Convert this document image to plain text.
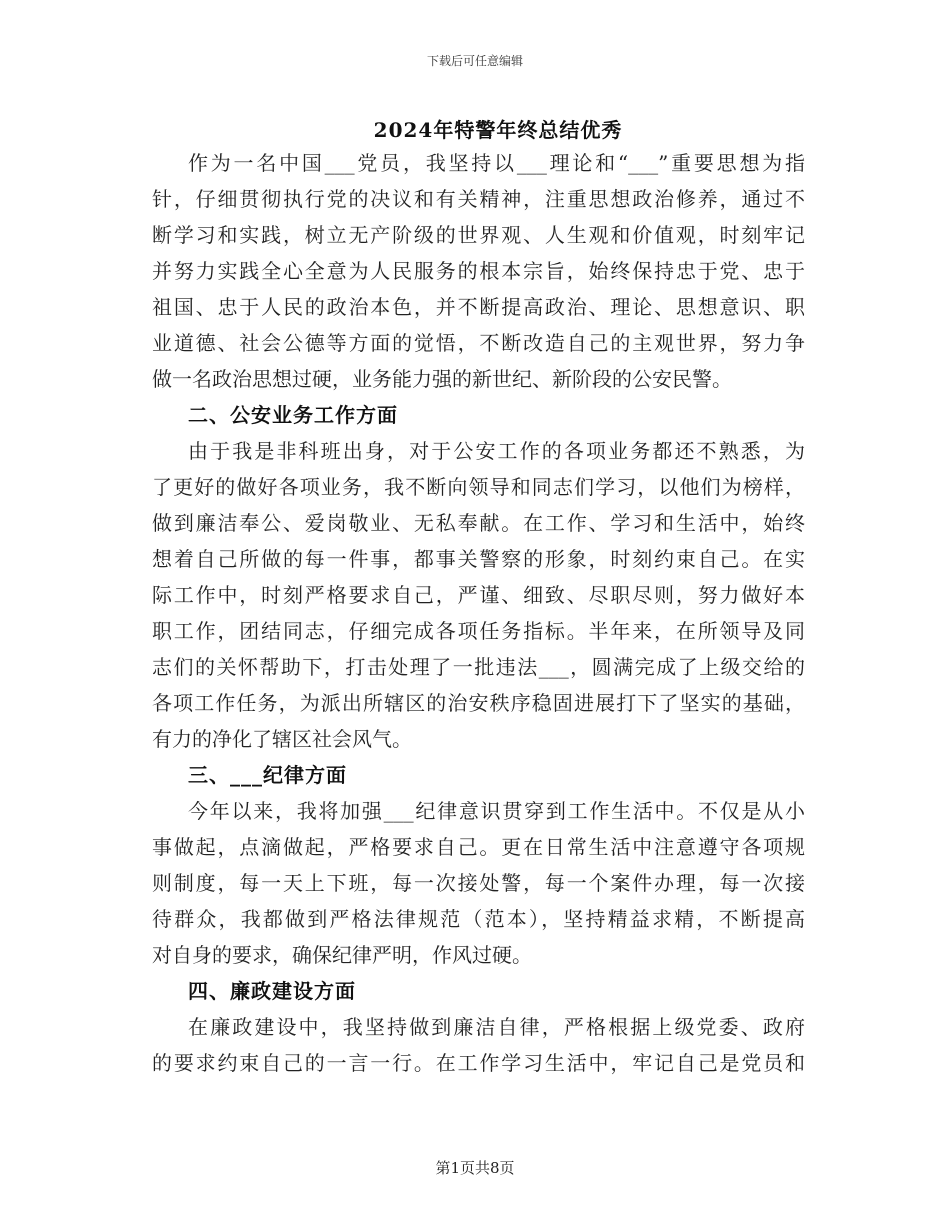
下载后可任意编辑
2024年特警年终总结优秀
作为一名中国___党员，我坚持以___理论和“___”重要思想为指
针，仔细贯彻执行党的决议和有关精神，注重思想政治修养，通过不
断学习和实践，树立无产阶级的世界观、人生观和价值观，时刻牢记
并努力实践全心全意为人民服务的根本宗旨，始终保持忠于党、忠于
祖国、忠于人民的政治本色，并不断提高政治、理论、思想意识、职
业道德、社会公德等方面的觉悟，不断改造自己的主观世界，努力争
做一名政治思想过硬，业务能力强的新世纪、新阶段的公安民警。
二、公安业务工作方面
由于我是非科班出身，对于公安工作的各项业务都还不熟悉，为
了更好的做好各项业务，我不断向领导和同志们学习，以他们为榜样，
做到廉洁奉公、爱岗敬业、无私奉献。在工作、学习和生活中，始终
想着自己所做的每一件事，都事关警察的形象，时刻约束自己。在实
际工作中，时刻严格要求自己，严谨、细致、尽职尽则，努力做好本
职工作，团结同志，仔细完成各项任务指标。半年来，在所领导及同
志们的关怀帮助下，打击处理了一批违法___，圆满完成了上级交给的
各项工作任务，为派出所辖区的治安秩序稳固进展打下了坚实的基础，
有力的净化了辖区社会风气。
三、___纪律方面
今年以来，我将加强___纪律意识贯穿到工作生活中。不仅是从小
事做起，点滴做起，严格要求自己。更在日常生活中注意遵守各项规
则制度，每一天上下班，每一次接处警，每一个案件办理，每一次接
待群众，我都做到严格法律规范（范本），坚持精益求精，不断提高
对自身的要求，确保纪律严明，作风过硬。
四、廉政建设方面
在廉政建设中，我坚持做到廉洁自律，严格根据上级党委、政府
的要求约束自己的一言一行。在工作学习生活中，牢记自己是党员和
第1页共8页
